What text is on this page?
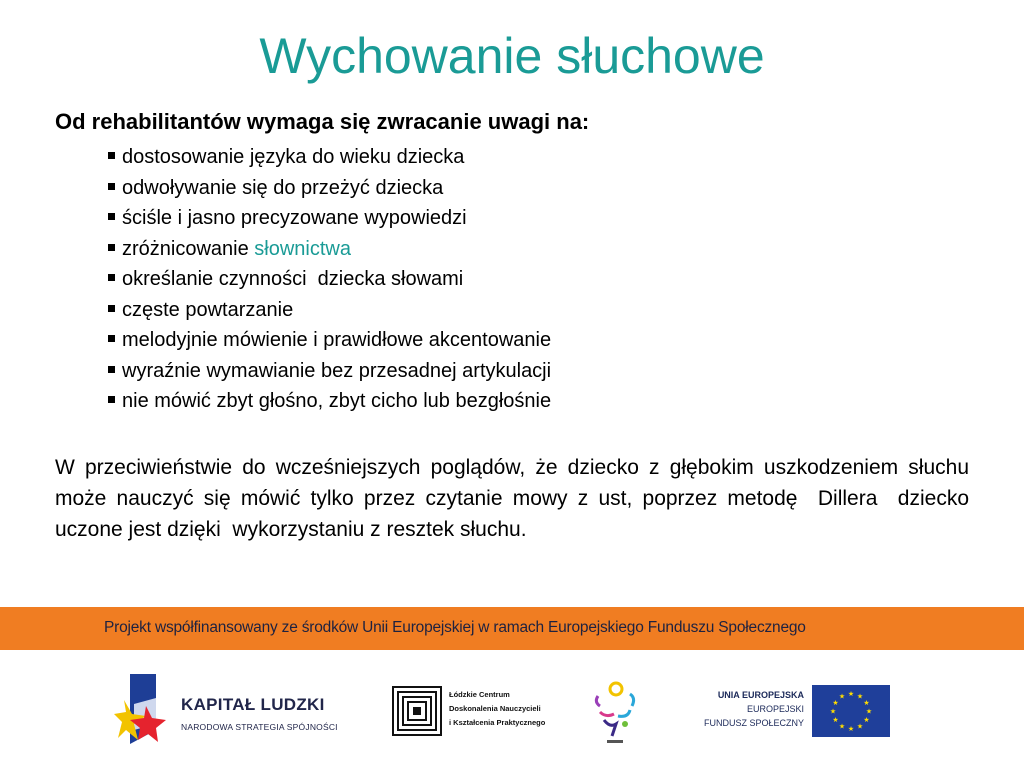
Wychowanie słuchowe
Od rehabilitantów wymaga się zwracanie uwagi na:
dostosowanie języka do wieku dziecka
odwoływanie się do przeżyć dziecka
ściśle i jasno precyzowane wypowiedzi
zróżnicowanie słownictwa
określanie czynności  dziecka słowami
częste powtarzanie
melodyjnie mówienie i prawidłowe akcentowanie
wyraźnie wymawianie bez przesadnej artykulacji
nie mówić zbyt głośno, zbyt cicho lub bezgłośnie
W przeciwieństwie do wcześniejszych poglądów, że dziecko z głębokim uszkodzeniem słuchu może nauczyć się mówić tylko przez czytanie mowy z ust, poprzez metodę  Dillera  dziecko uczone jest dzięki  wykorzystaniu z resztek słuchu.
Projekt współfinansowany ze środków Unii Europejskiej w ramach Europejskiego Funduszu Społecznego
KAPITAŁ LUDZKI
NARODOWA STRATEGIA SPÓJNOŚCI
Łódzkie Centrum
Doskonalenia Nauczycieli
i Kształcenia Praktycznego
UNIA EUROPEJSKA
EUROPEJSKI
FUNDUSZ SPOŁECZNY
★ ★
★
★
★
★
★
★
★
★
★
★
